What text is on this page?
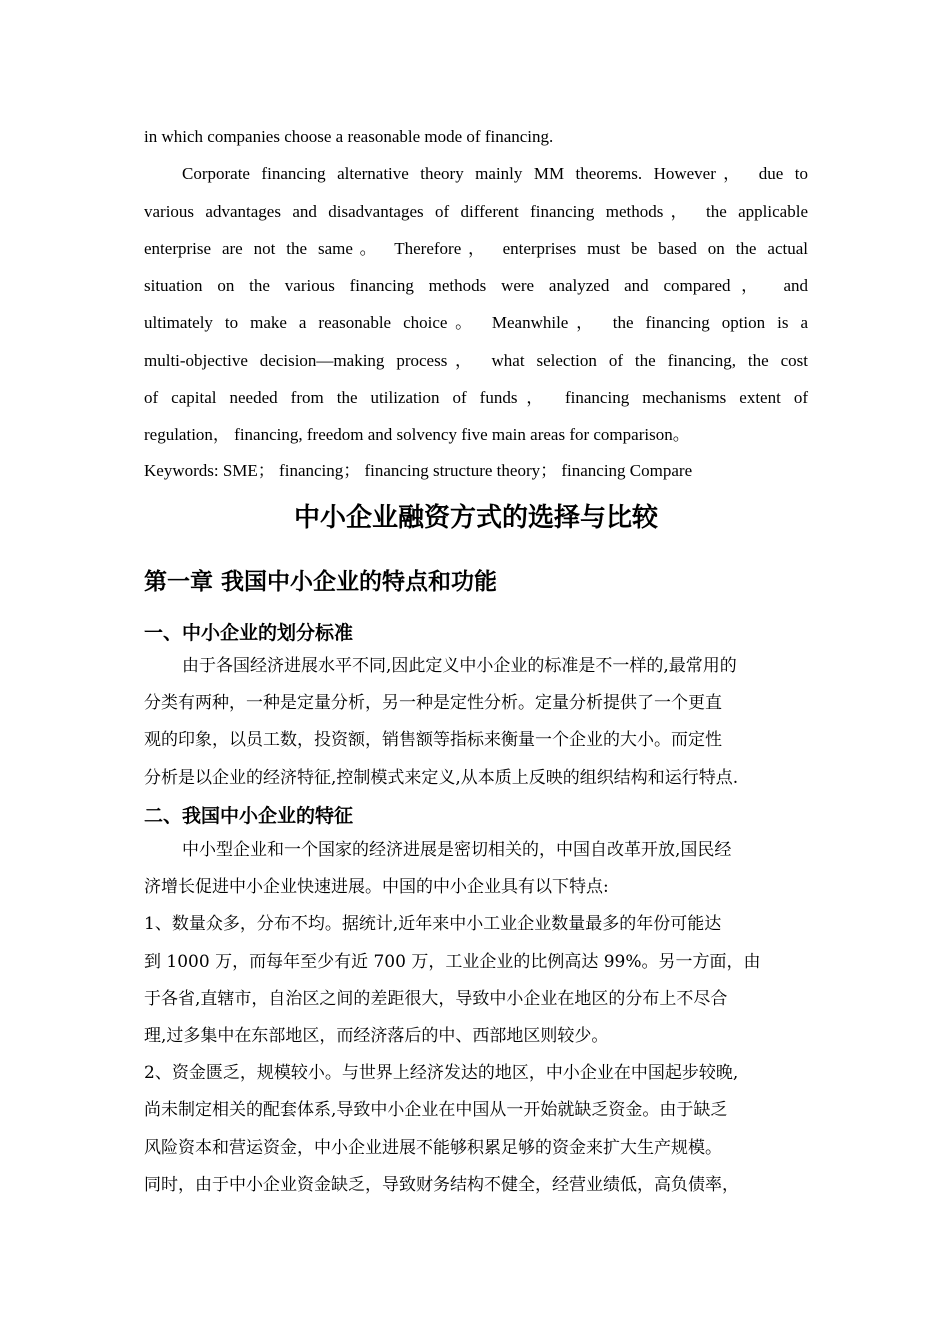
in which companies choose a reasonable mode of financing.

Corporate financing alternative theory mainly MM theorems. However， due to
various advantages and disadvantages of different financing methods， the applicable
enterprise are not the same。 Therefore， enterprises must be based on the actual
situation on the various financing methods were analyzed and compared， and
ultimately to make a reasonable choice。 Meanwhile， the financing option is a
multi-objective decision—making process， what selection of the financing, the cost
of capital needed from the utilization of funds， financing mechanisms extent of
regulation， financing, freedom and solvency five main areas for comparison。

Keywords: SME； financing； financing structure theory； financing Compare

中小企业融资方式的选择与比较
第一章 我国中小企业的特点和功能
一、中小企业的划分标准

由于各国经济进展水平不同,因此定义中小企业的标准是不一样的,最常用的
分类有两种，一种是定量分析，另一种是定性分析。定量分析提供了一个更直
观的印象，以员工数，投资额，销售额等指标来衡量一个企业的大小。而定性
分析是以企业的经济特征,控制模式来定义,从本质上反映的组织结构和运行特点.

二、我国中小企业的特征

中小型企业和一个国家的经济进展是密切相关的，中国自改革开放,国民经
济增长促进中小企业快速进展。中国的中小企业具有以下特点:
1、数量众多，分布不均。据统计,近年来中小工业企业数量最多的年份可能达
到 1000 万，而每年至少有近 700 万，工业企业的比例高达 99%。另一方面，由
于各省,直辖市，自治区之间的差距很大，导致中小企业在地区的分布上不尽合
理,过多集中在东部地区，而经济落后的中、西部地区则较少。
2、资金匮乏，规模较小。与世界上经济发达的地区，中小企业在中国起步较晚,
尚未制定相关的配套体系,导致中小企业在中国从一开始就缺乏资金。由于缺乏
风险资本和营运资金，中小企业进展不能够积累足够的资金来扩大生产规模。
同时，由于中小企业资金缺乏，导致财务结构不健全，经营业绩低，高负债率，
